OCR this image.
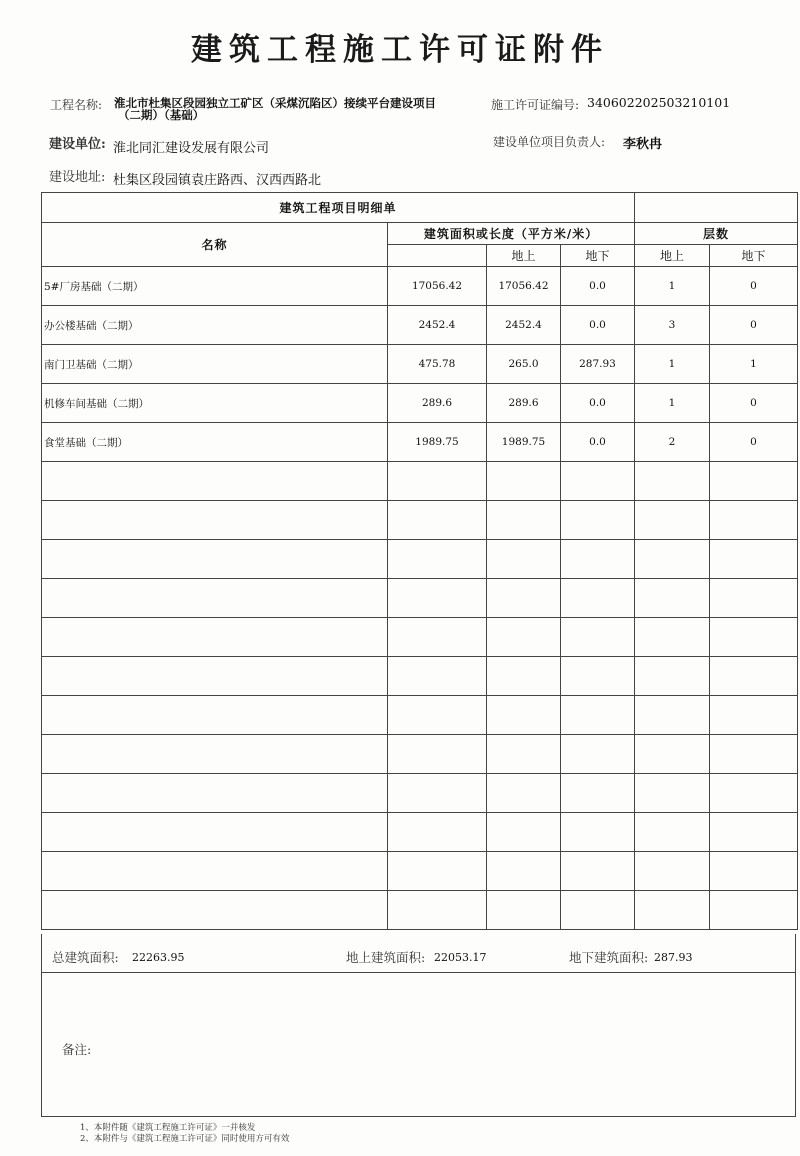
建筑工程施工许可证附件
工程名称: 淮北市杜集区段园独立工矿区（采煤沉陷区）接续平台建设项目
（二期）（基础）
施工许可证编号: 340602202503210101
建设单位: 淮北同汇建设发展有限公司	建设单位项目负责人: 李秋冉
建设地址: 杜集区段园镇袁庄路西、汉西西路北
建筑工程项目明细单					
名称	建筑面积或长度（平方米/米）			层数	
		地上	地下	地上	地下
5#厂房基础（二期）	17056.42	17056.42	0.0	1	0
办公楼基础（二期）	2452.4	2452.4	0.0	3	0
南门卫基础（二期）	475.78	265.0	287.93	1	1
机修车间基础（二期）	289.6	289.6	0.0	1	0
食堂基础（二期）	1989.75	1989.75	0.0	2	0

总建筑面积: 22263.95	地上建筑面积: 22053.17	地下建筑面积: 287.93
备注:
1、本附件随《建筑工程施工许可证》一并核发
2、本附件与《建筑工程施工许可证》同时使用方可有效
